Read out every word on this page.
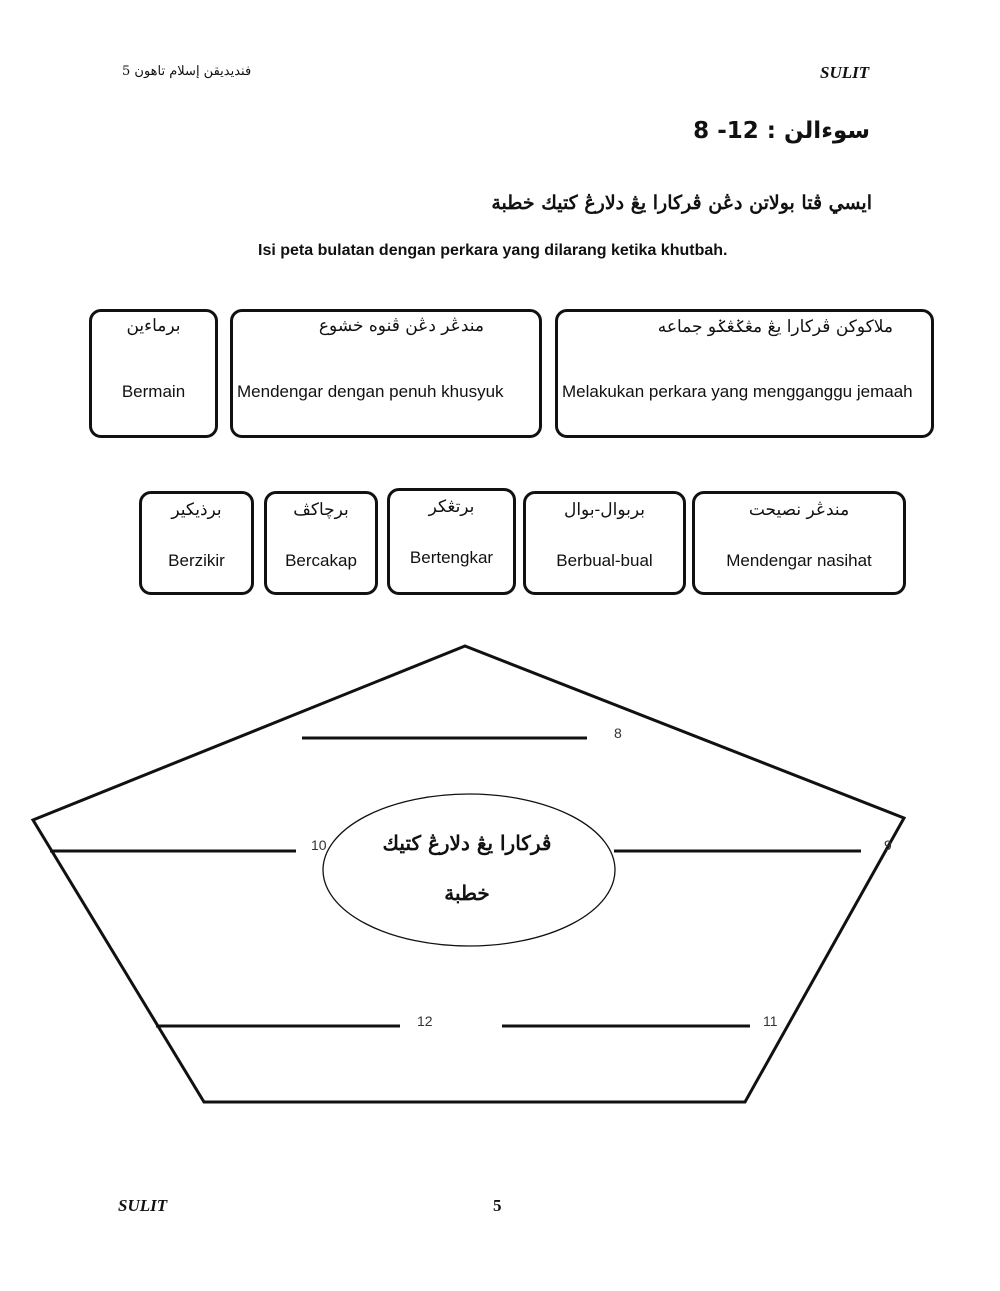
فنديديقن إسلام تاهون 5	SULIT
سوءالن : 12- 8
ايسي ڤتا بولاتن دڠن ڤركارا يڠ دلارڠ كتيك خطبة
Isi peta bulatan dengan perkara yang dilarang ketika khutbah.
برماءين
Bermain
مندڠر دڠن ڤنوه خشوع
Mendengar dengan penuh khusyuk
ملاكوكن ڤركارا يڠ مڠݢڠݢو جماعه
Melakukan perkara yang mengganggu jemaah
برذيكير
Berzikir
برچاكڤ
Bercakap
برتڠكر
Bertengkar
بربوال-بوال
Berbual-bual
مندڠر نصيحت
Mendengar nasihat
ڤركارا يڠ دلارڠ كتيك
خطبة
8
9
10
11
12
SULIT	5
